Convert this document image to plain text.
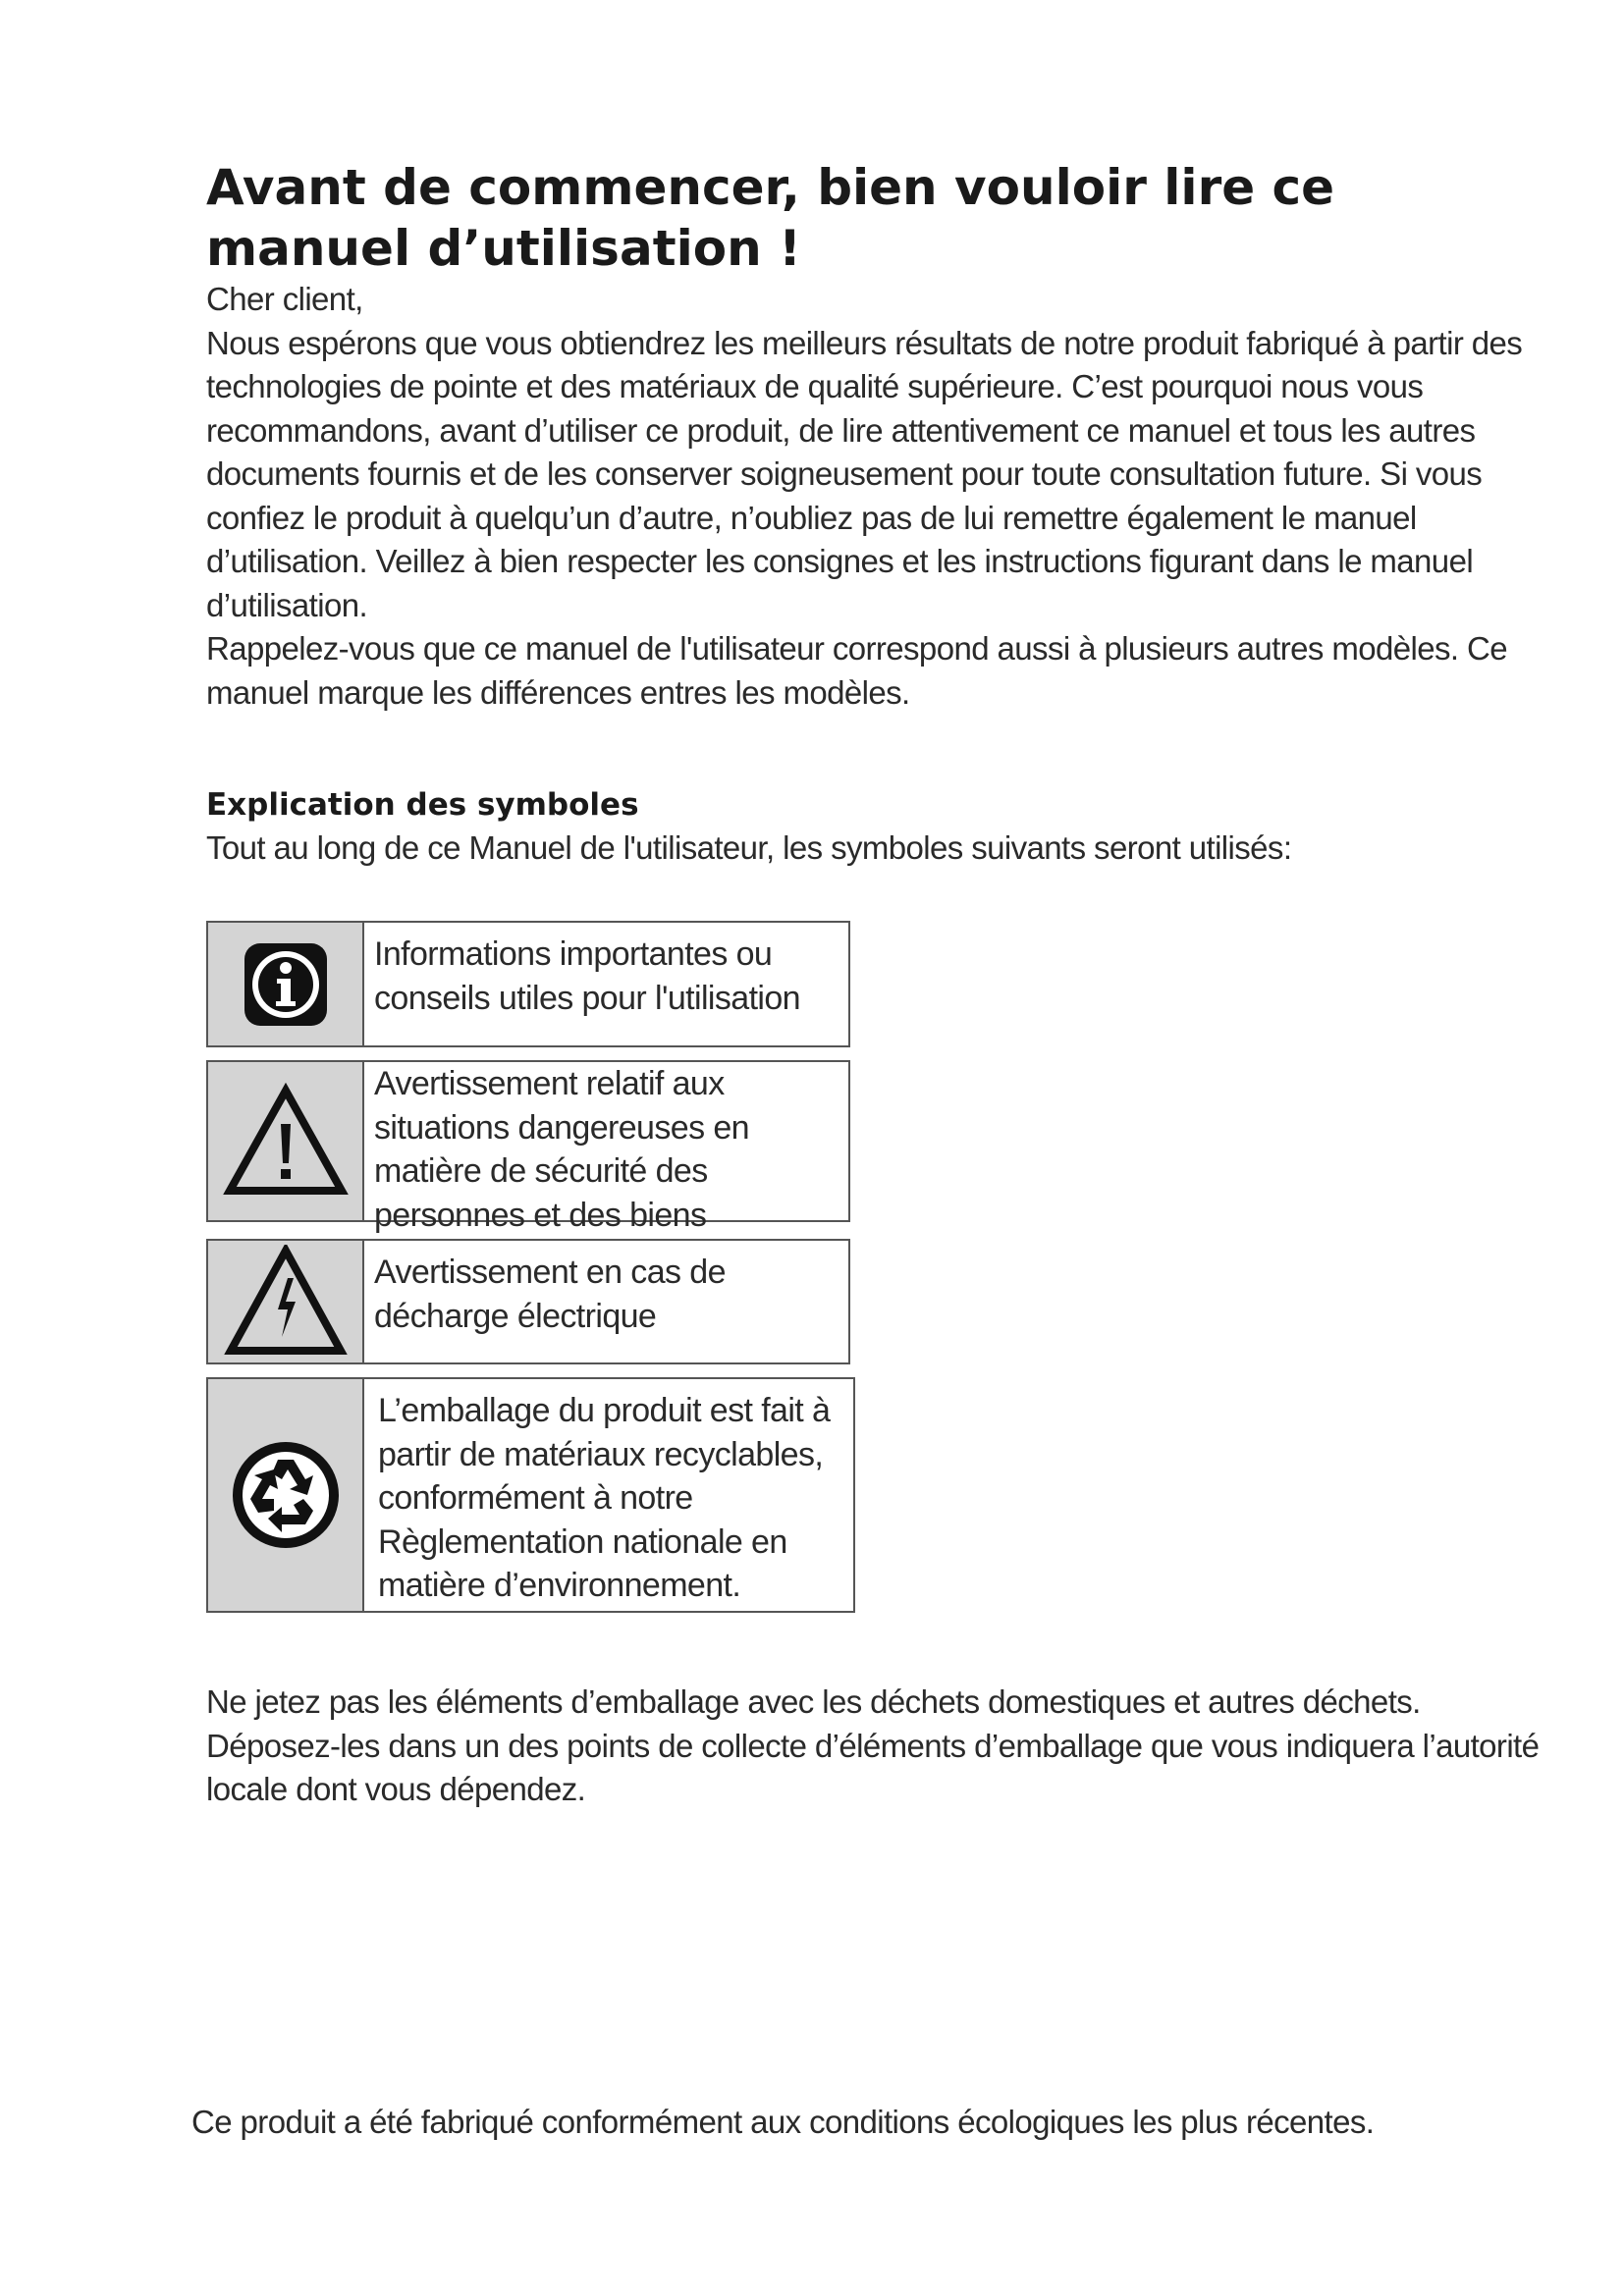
Avant de commencer, bien vouloir lire ce manuel d’utilisation !

Cher client,

Nous espérons que vous obtiendrez les meilleurs résultats de notre produit fabriqué à partir des technologies de pointe et des matériaux de qualité supérieure. C’est pourquoi nous vous recommandons, avant d’utiliser ce produit, de lire attentivement ce manuel et tous les autres documents fournis et de les conserver soigneusement pour toute consultation future. Si vous confiez le produit à quelqu’un d’autre, n’oubliez pas de lui remettre également le manuel d’utilisation. Veillez à bien respecter les consignes et les instructions figurant dans le manuel d’utilisation.

Rappelez-vous que ce manuel de l'utilisateur correspond aussi à plusieurs autres modèles. Ce manuel marque les différences entres les modèles.

Explication des symboles

Tout au long de ce Manuel de l'utilisateur, les symboles suivants seront utilisés:

Informations importantes ou conseils utiles pour l'utilisation
Avertissement relatif aux situations dangereuses en matière de sécurité des personnes et des biens
Avertissement en cas de décharge électrique
L’emballage du produit est fait à partir de matériaux recyclables, conformément à notre Règlementation nationale en matière d’environnement.

Ne jetez pas les éléments d’emballage avec les déchets domestiques et autres déchets.

Déposez-les dans un des points de collecte d’éléments d’emballage que vous indiquera l’autorité locale dont vous dépendez.

Ce produit a été fabriqué conformément aux conditions écologiques les plus récentes.
